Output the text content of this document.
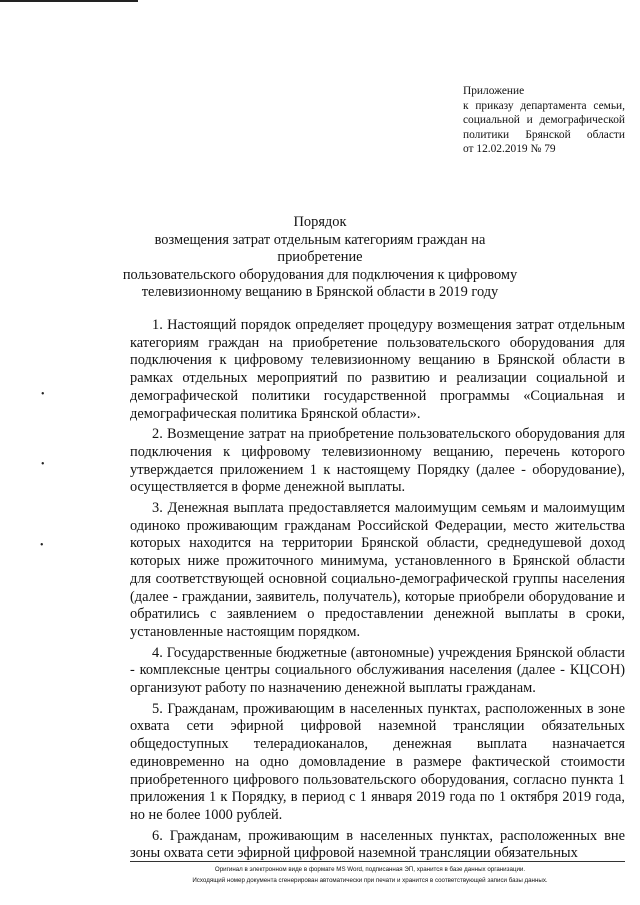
Приложение
к приказу департамента семьи,
социальной и демографической
политики Брянской области
от 12.02.2019 № 79
Порядок
возмещения затрат отдельным категориям граждан на приобретение
пользовательского оборудования для подключения к цифровому
телевизионному вещанию в Брянской области в 2019 году

1. Настоящий порядок определяет процедуру возмещения затрат отдельным категориям граждан на приобретение пользовательского оборудования для подключения к цифровому телевизионному вещанию в Брянской области в рамках отдельных мероприятий по развитию и реализации социальной и демографической политики государственной программы «Социальная и демографическая политика Брянской области».

2. Возмещение затрат на приобретение пользовательского оборудования для подключения к цифровому телевизионному вещанию, перечень которого утверждается приложением 1 к настоящему Порядку (далее - оборудование), осуществляется в форме денежной выплаты.

3. Денежная выплата предоставляется малоимущим семьям и малоимущим одиноко проживающим гражданам Российской Федерации, место жительства которых находится на территории Брянской области, среднедушевой доход которых ниже прожиточного минимума, установленного в Брянской области для соответствующей основной социально-демографической группы населения (далее - граждании, заявитель, получатель), которые приобрели оборудование и обратились с заявлением о предоставлении денежной выплаты в сроки, установленные настоящим порядком.

4. Государственные бюджетные (автономные) учреждения Брянской области - комплексные центры социального обслуживания населения (далее - КЦСОН) организуют работу по назначению денежной выплаты гражданам.

5. Гражданам, проживающим в населенных пунктах, расположенных в зоне охвата сети эфирной цифровой наземной трансляции обязательных общедоступных телерадиоканалов, денежная выплата назначается единовременно на одно домовладение в размере фактической стоимости приобретенного цифрового пользовательского оборудования, согласно пункта 1 приложения 1 к Порядку, в период с 1 января 2019 года по 1 октября 2019 года, но не более 1000 рублей.

6. Гражданам, проживающим в населенных пунктах, расположенных вне зоны охвата сети эфирной цифровой наземной трансляции обязательных

•
•
•
Оригинал в электронном виде в формате MS Word, подписанная ЭП, хранится в базе данных организации.
Исходящий номер документа сгенерирован автоматически при печати и хранится в соответствующей записи базы данных.
